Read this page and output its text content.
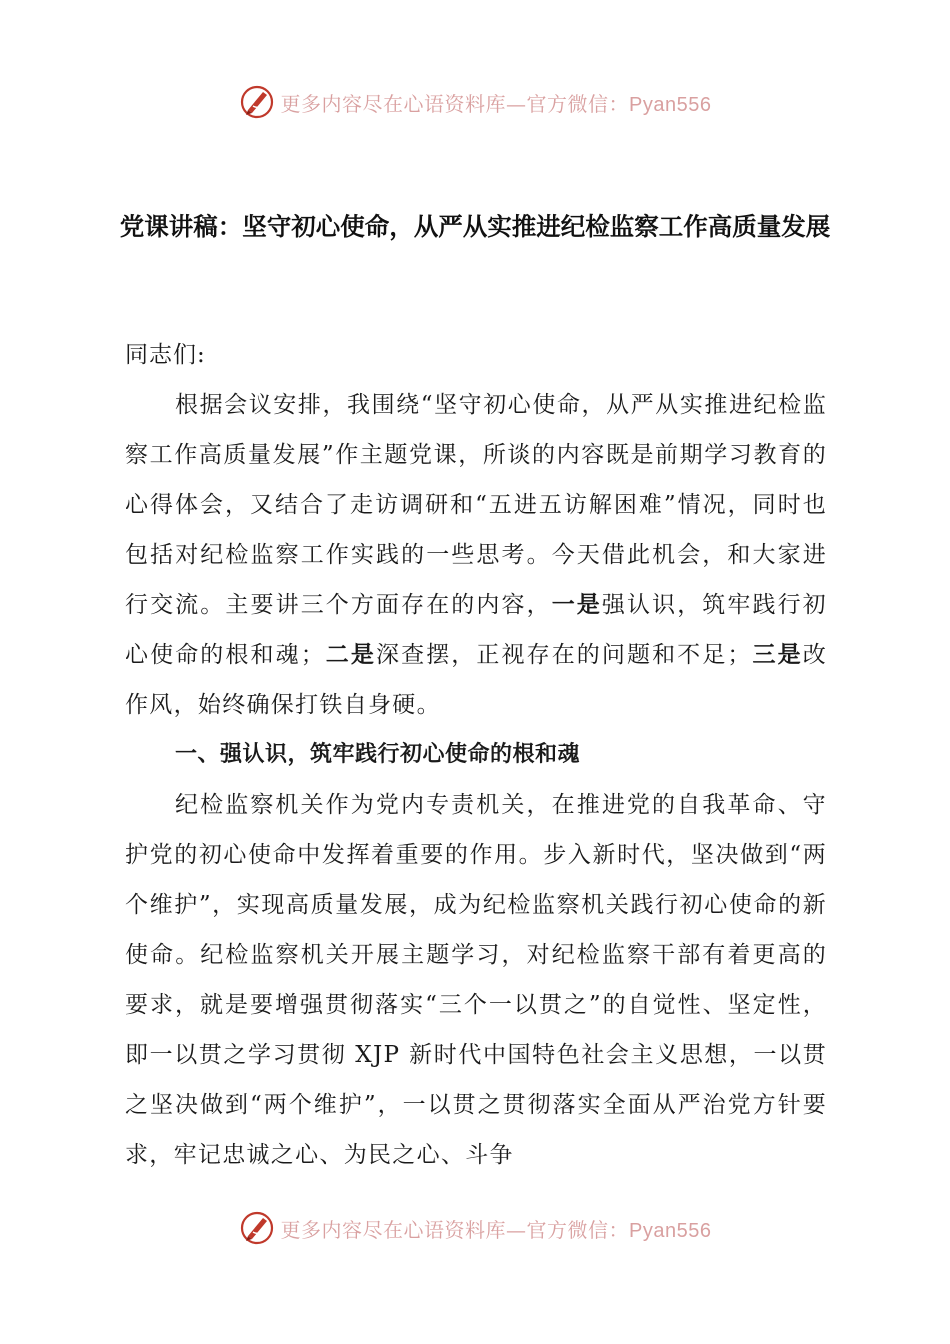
更多内容尽在心语资料库—官方微信：Pyan556
党课讲稿：坚守初心使命，从严从实推进纪检监察工作高质量发展

同志们:

根据会议安排，我围绕“坚守初心使命，从严从实推进纪检监察工作高质量发展”作主题党课，所谈的内容既是前期学习教育的心得体会，又结合了走访调研和“五进五访解困难”情况，同时也包括对纪检监察工作实践的一些思考。今天借此机会，和大家进行交流。主要讲三个方面存在的内容，一是强认识，筑牢践行初心使命的根和魂；二是深查摆，正视存在的问题和不足；三是改作风，始终确保打铁自身硬。

一、强认识，筑牢践行初心使命的根和魂

纪检监察机关作为党内专责机关，在推进党的自我革命、守护党的初心使命中发挥着重要的作用。步入新时代，坚决做到“两个维护”，实现高质量发展，成为纪检监察机关践行初心使命的新使命。纪检监察机关开展主题学习，对纪检监察干部有着更高的要求，就是要增强贯彻落实“三个一以贯之”的自觉性、坚定性，即一以贯之学习贯彻 XJP 新时代中国特色社会主义思想，一以贯之坚决做到“两个维护”，一以贯之贯彻落实全面从严治党方针要求，牢记忠诚之心、为民之心、斗争

更多内容尽在心语资料库—官方微信：Pyan556
